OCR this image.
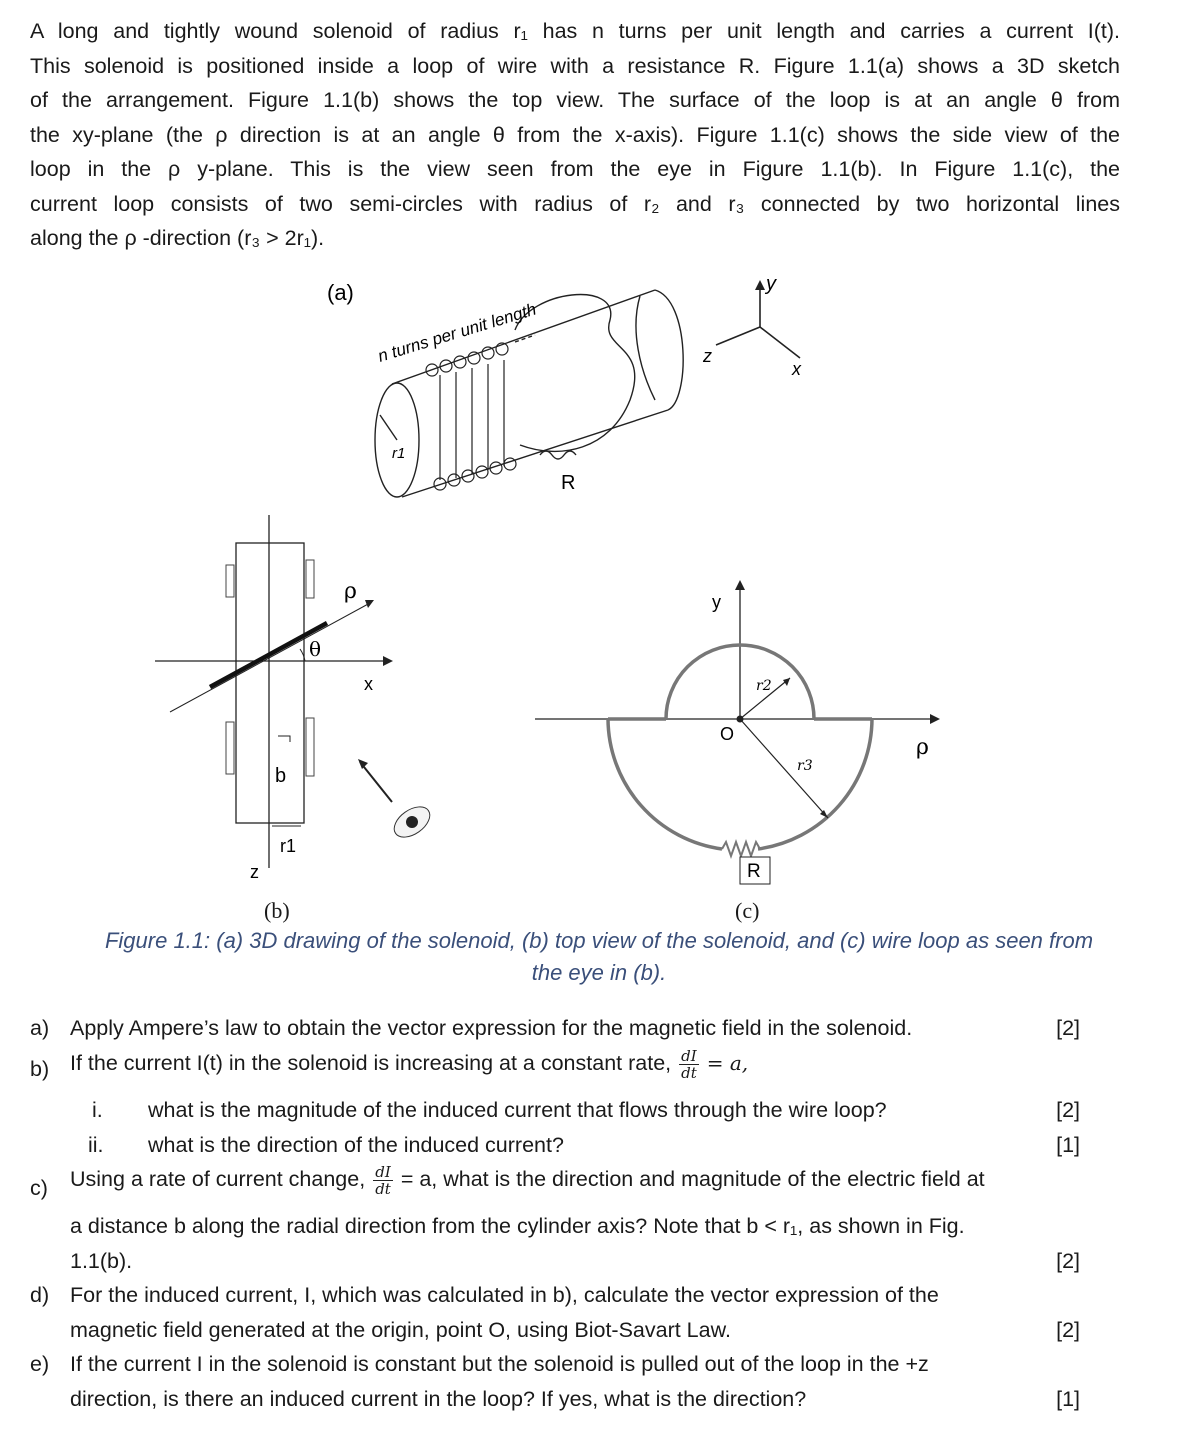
A long and tightly wound solenoid of radius r₁ has n turns per unit length and carries a current I(t).
This solenoid is positioned inside a loop of wire with a resistance R. Figure 1.1(a) shows a 3D sketch
of the arrangement. Figure 1.1(b) shows the top view. The surface of the loop is at an angle θ from
the xy-plane (the ρ direction is at an angle θ from the x-axis). Figure 1.1(c) shows the side view of the
loop in the ρ y-plane. This is the view seen from the eye in Figure 1.1(b). In Figure 1.1(c), the
current loop consists of two semi-circles with radius of r₂ and r₃ connected by two horizontal lines
along the ρ -direction (r₃ > 2r₁).
(a)
n turns per unit length
r1
R
y
z
x
ρ
θ
x
b
r1
z
y
O
r2
r3
ρ
R
(b)	(c)
Figure 1.1: (a) 3D drawing of the solenoid, (b) top view of the solenoid, and (c) wire loop as seen from
the eye in (b).
a) Apply Ampere’s law to obtain the vector expression for the magnetic field in the solenoid.	[2]
b) If the current I(t) in the solenoid is increasing at a constant rate, $\frac{dI}{dt} = a$,
i. what is the magnitude of the induced current that flows through the wire loop?	[2]
ii. what is the direction of the induced current?	[1]
c) Using a rate of current change, $\frac{dI}{dt} = a$, what is the direction and magnitude of the electric field at
a distance b along the radial direction from the cylinder axis? Note that b < r₁, as shown in Fig.
1.1(b).	[2]
d) For the induced current, I, which was calculated in b), calculate the vector expression of the
magnetic field generated at the origin, point O, using Biot-Savart Law.	[2]
e) If the current I in the solenoid is constant but the solenoid is pulled out of the loop in the +z
direction, is there an induced current in the loop? If yes, what is the direction?	[1]
